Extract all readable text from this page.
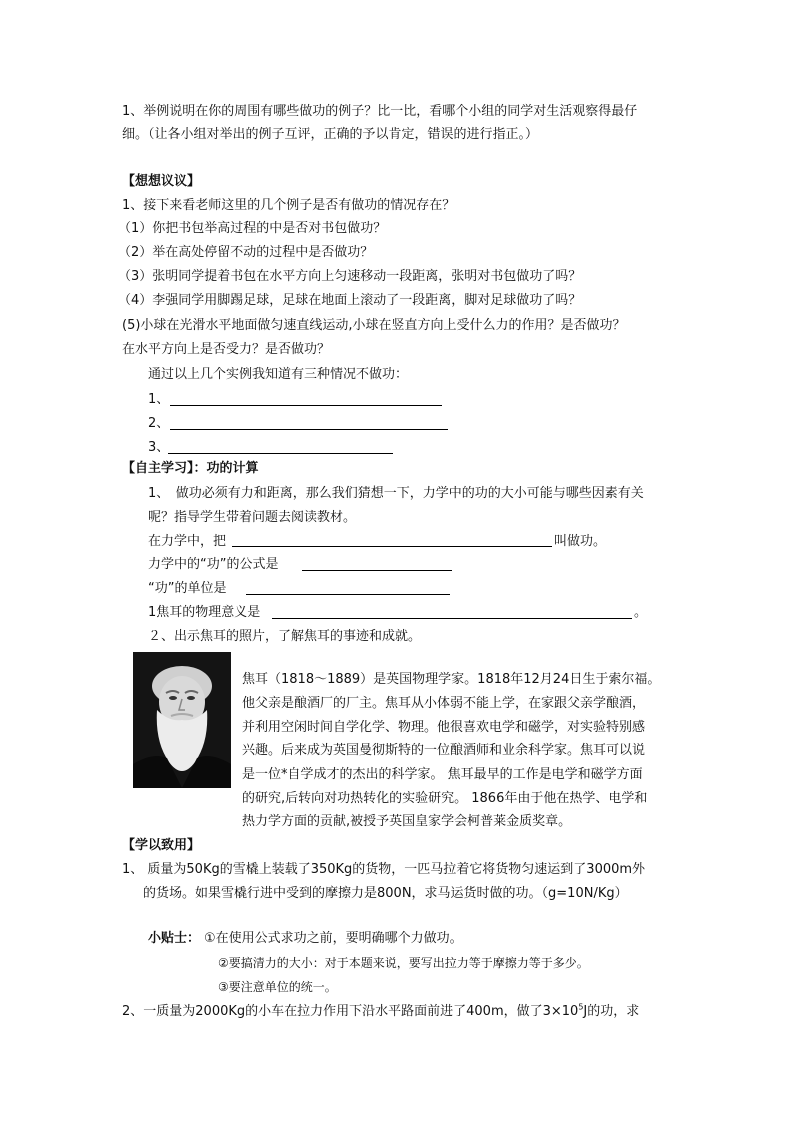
1、举例说明在你的周围有哪些做功的例子？比一比，看哪个小组的同学对生活观察得最仔
细。（让各小组对举出的例子互评，正确的予以肯定，错误的进行指正。）
【想想议议】
1、接下来看老师这里的几个例子是否有做功的情况存在？
（1）你把书包举高过程的中是否对书包做功？
（2）举在高处停留不动的过程中是否做功？
（3）张明同学提着书包在水平方向上匀速移动一段距离，张明对书包做功了吗？
（4）李强同学用脚踢足球，足球在地面上滚动了一段距离，脚对足球做功了吗？
(5)小球在光滑水平地面做匀速直线运动,小球在竖直方向上受什么力的作用？是否做功？
在水平方向上是否受力？是否做功？
通过以上几个实例我知道有三种情况不做功：
1、
2、
3、
【自主学习】：功的计算
1、　做功必须有力和距离，那么我们猜想一下，力学中的功的大小可能与哪些因素有关
呢？指导学生带着问题去阅读教材。
在力学中，把	叫做功。
力学中的“功”的公式是
“功”的单位是
1焦耳的物理意义是	。
２、出示焦耳的照片，了解焦耳的事迹和成就。
焦耳（1818～1889）是英国物理学家。1818年12月24日生于索尔福。
他父亲是酿酒厂的厂主。焦耳从小体弱不能上学，在家跟父亲学酿酒，
并利用空闲时间自学化学、物理。他很喜欢电学和磁学，对实验特别感
兴趣。后来成为英国曼彻斯特的一位酿酒师和业余科学家。焦耳可以说
是一位*自学成才的杰出的科学家。 焦耳最早的工作是电学和磁学方面
的研究,后转向对功热转化的实验研究。 1866年由于他在热学、电学和
热力学方面的贡献,被授予英国皇家学会柯普莱金质奖章。
【学以致用】
1、 质量为50Kg的雪橇上装载了350Kg的货物，一匹马拉着它将货物匀速运到了3000m外
的货场。如果雪橇行进中受到的摩擦力是800N，求马运货时做的功。（g=10N/Kg）
小贴士： ①在使用公式求功之前，要明确哪个力做功。
②要搞清力的大小：对于本题来说，要写出拉力等于摩擦力等于多少。
③要注意单位的统一。
2、一质量为2000Kg的小车在拉力作用下沿水平路面前进了400m，做了$3\times 10^5J$的功，求
